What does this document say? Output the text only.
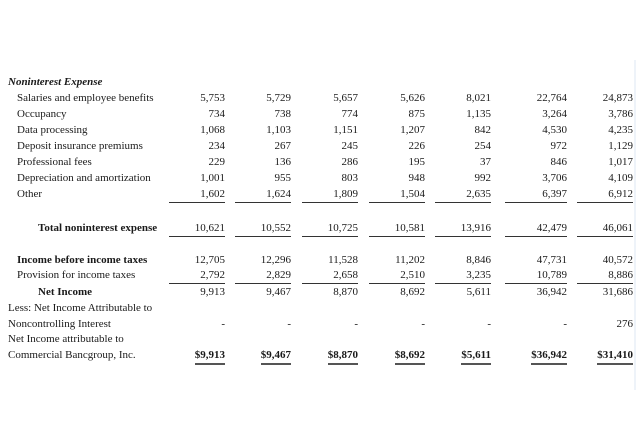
Noninterest Expense
Salaries and employee benefits	5,753	5,729	5,657	5,626	8,021	22,764	24,873
Occupancy	734	738	774	875	1,135	3,264	3,786
Data processing	1,068	1,103	1,151	1,207	842	4,530	4,235
Deposit insurance premiums	234	267	245	226	254	972	1,129
Professional fees	229	136	286	195	37	846	1,017
Depreciation and amortization	1,001	955	803	948	992	3,706	4,109
Other	1,602	1,624	1,809	1,504	2,635	6,397	6,912
Total noninterest expense	10,621	10,552	10,725	10,581	13,916	42,479	46,061
Income before income taxes	12,705	12,296	11,528	11,202	8,846	47,731	40,572
Provision for income taxes	2,792	2,829	2,658	2,510	3,235	10,789	8,886
Net Income	9,913	9,467	8,870	8,692	5,611	36,942	31,686
Less: Net Income Attributable to
Noncontrolling Interest	-	-	-	-	-	-	276
Net Income attributable to
Commercial Bancgroup, Inc.	$9,913	$9,467	$8,870	$8,692	$5,611	$36,942	$31,410
